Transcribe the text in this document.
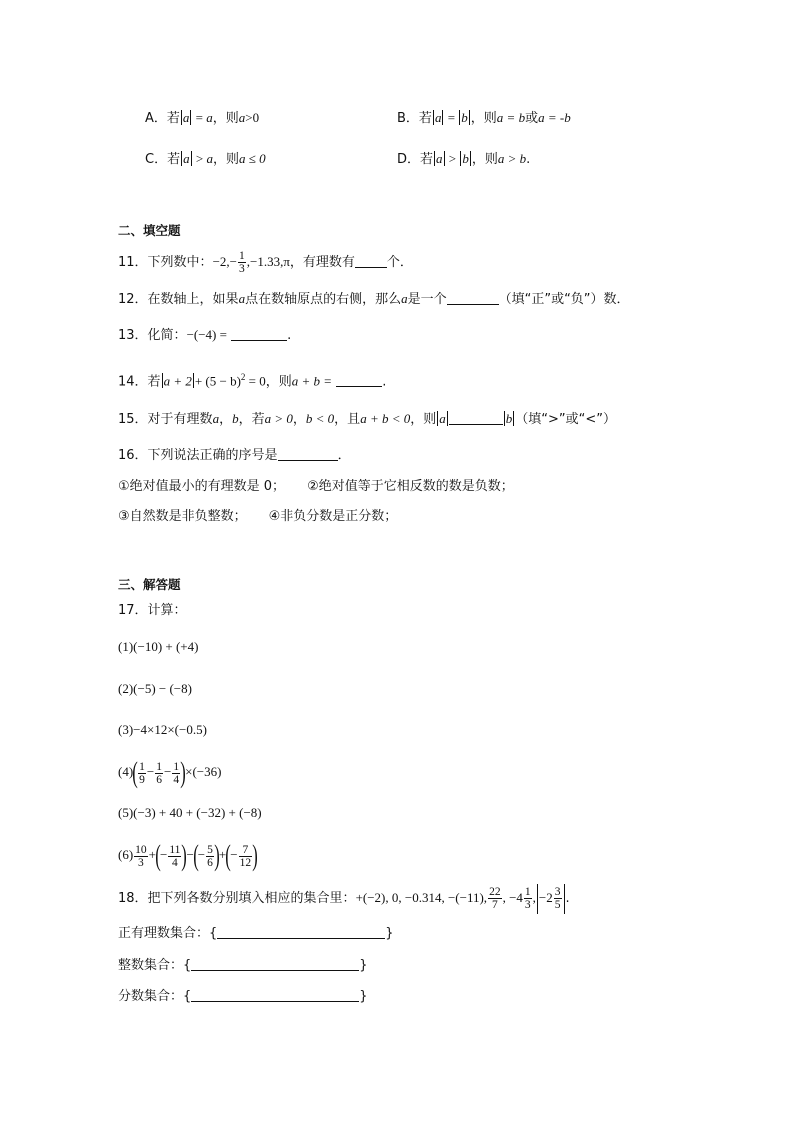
A．若 a = a，则a>0	B．若 a = b ，则a = b或a = -b
C．若 a > a，则a ≤ 0	D．若 a > b ，则a > b.
二、填空题
11．下列数中：$-2,- \frac{1}{3} ,-1.33,\pi$，有理数有 个．
12．在数轴上，如果a点在数轴原点的右侧，那么a是一个	（填“正”或“负”）数．
13．化简：−(−4) =	.
14．若 $a + 2 + (5 - b)^2 = 0$，则a + b =	.
15．对于有理数a，b，若a > 0，b < 0，且a + b < 0，则 a	b （填“>”或“<”）
16．下列说法正确的序号是	．
①绝对值最小的有理数是 0； ②绝对值等于它相反数的数是负数；
③自然数是非负整数； ④非负分数是正分数；
三、解答题
17．计算：
(1)(−10) + (+4)
(2)(−5) − (−8)
(3)−4×12×(−0.5)
$(4)( \frac{1}{9} - \frac{1}{6} - \frac{1}{4} )\times(-36)$
(5)(−3) + 40 + (−32) + (−8)
$(6) \frac{10}{3}$ +(− $\frac{11}{4}$ )−(− $\frac{5}{6}$ )+(− $\frac{7}{12}$ )
18．把下列各数分别填入相应的集合里：+(−2), 0, −0.314, −(−11), $\frac{22}{7}$ , $-4 \frac{1}{3}$ , $-2 \frac{3}{5}$ .
正有理数集合：{	}
整数集合：{	}
分数集合：{	}
